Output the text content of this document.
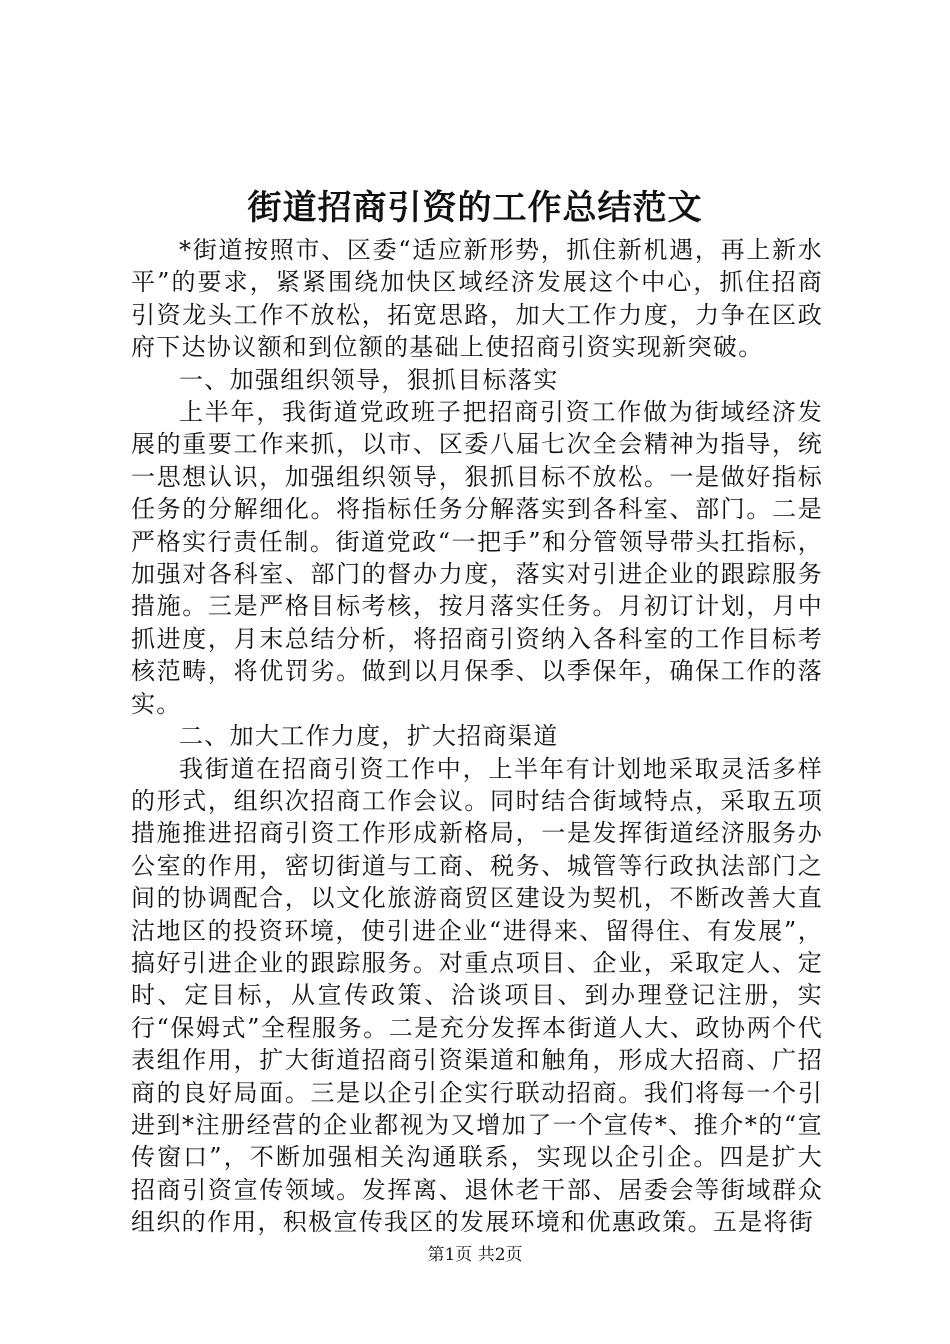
街道招商引资的工作总结范文

*街道按照市、区委“适应新形势，抓住新机遇，再上新水平”的要求，紧紧围绕加快区域经济发展这个中心，抓住招商引资龙头工作不放松，拓宽思路，加大工作力度，力争在区政府下达协议额和到位额的基础上使招商引资实现新突破。

一、加强组织领导，狠抓目标落实

上半年，我街道党政班子把招商引资工作做为街域经济发展的重要工作来抓，以市、区委八届七次全会精神为指导，统一思想认识，加强组织领导，狠抓目标不放松。一是做好指标任务的分解细化。将指标任务分解落实到各科室、部门。二是严格实行责任制。街道党政“一把手”和分管领导带头扛指标，加强对各科室、部门的督办力度，落实对引进企业的跟踪服务措施。三是严格目标考核，按月落实任务。月初订计划，月中抓进度，月末总结分析，将招商引资纳入各科室的工作目标考核范畴，将优罚劣。做到以月保季、以季保年，确保工作的落实。

二、加大工作力度，扩大招商渠道

我街道在招商引资工作中，上半年有计划地采取灵活多样的形式，组织次招商工作会议。同时结合街域特点，采取五项措施推进招商引资工作形成新格局，一是发挥街道经济服务办公室的作用，密切街道与工商、税务、城管等行政执法部门之间的协调配合，以文化旅游商贸区建设为契机，不断改善大直沽地区的投资环境，使引进企业“进得来、留得住、有发展”，搞好引进企业的跟踪服务。对重点项目、企业，采取定人、定时、定目标，从宣传政策、洽谈项目、到办理登记注册，实行“保姆式”全程服务。二是充分发挥本街道人大、政协两个代表组作用，扩大街道招商引资渠道和触角，形成大招商、广招商的良好局面。三是以企引企实行联动招商。我们将每一个引进到*注册经营的企业都视为又增加了一个宣传*、推介*的“宣传窗口”，不断加强相关沟通联系，实现以企引企。四是扩大招商引资宣传领域。发挥离、退休老干部、居委会等街域群众组织的作用，积极宣传我区的发展环境和优惠政策。五是将街

第1页 共2页
